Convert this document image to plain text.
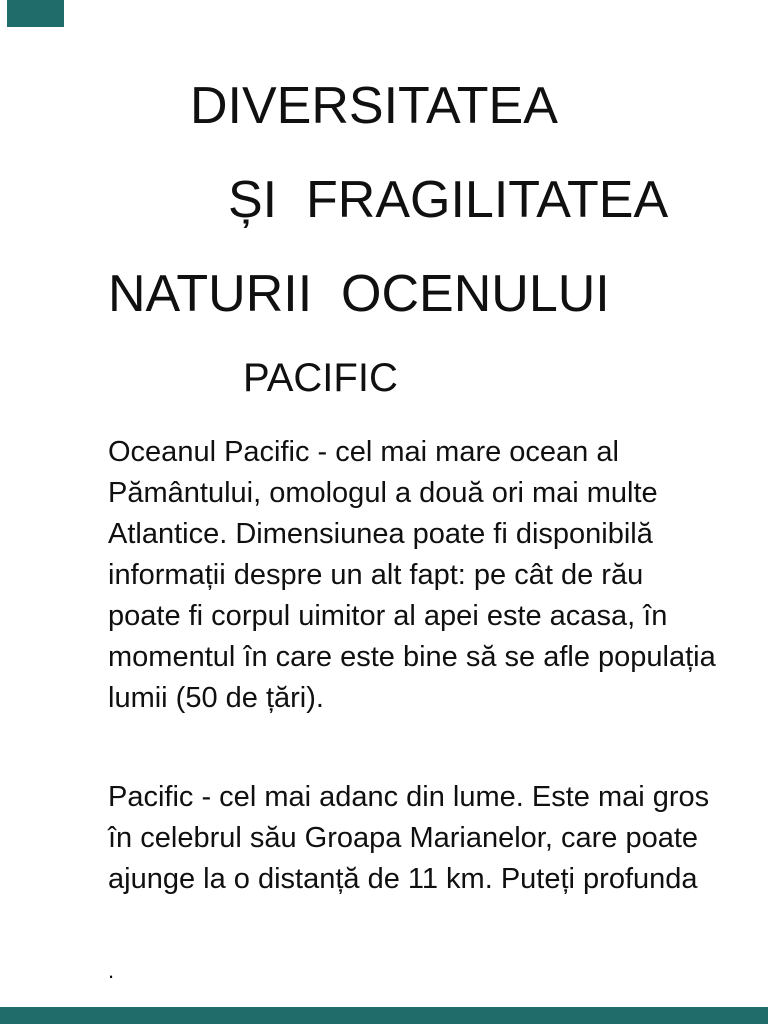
DIVERSITATEA
ȘI  FRAGILITATEA
NATURII  OCENULUI
PACIFIC
Oceanul Pacific - cel mai mare ocean al
Pământului, omologul a două ori mai multe
Atlantice. Dimensiunea poate fi disponibilă
informații despre un alt fapt: pe cât de rău
poate fi corpul uimitor al apei este acasa, în
momentul în care este bine să se afle populația
lumii (50 de țări).
Pacific - cel mai adanc din lume. Este mai gros
în celebrul său Groapa Marianelor, care poate
ajunge la o distanță de 11 km. Puteți profunda
.
